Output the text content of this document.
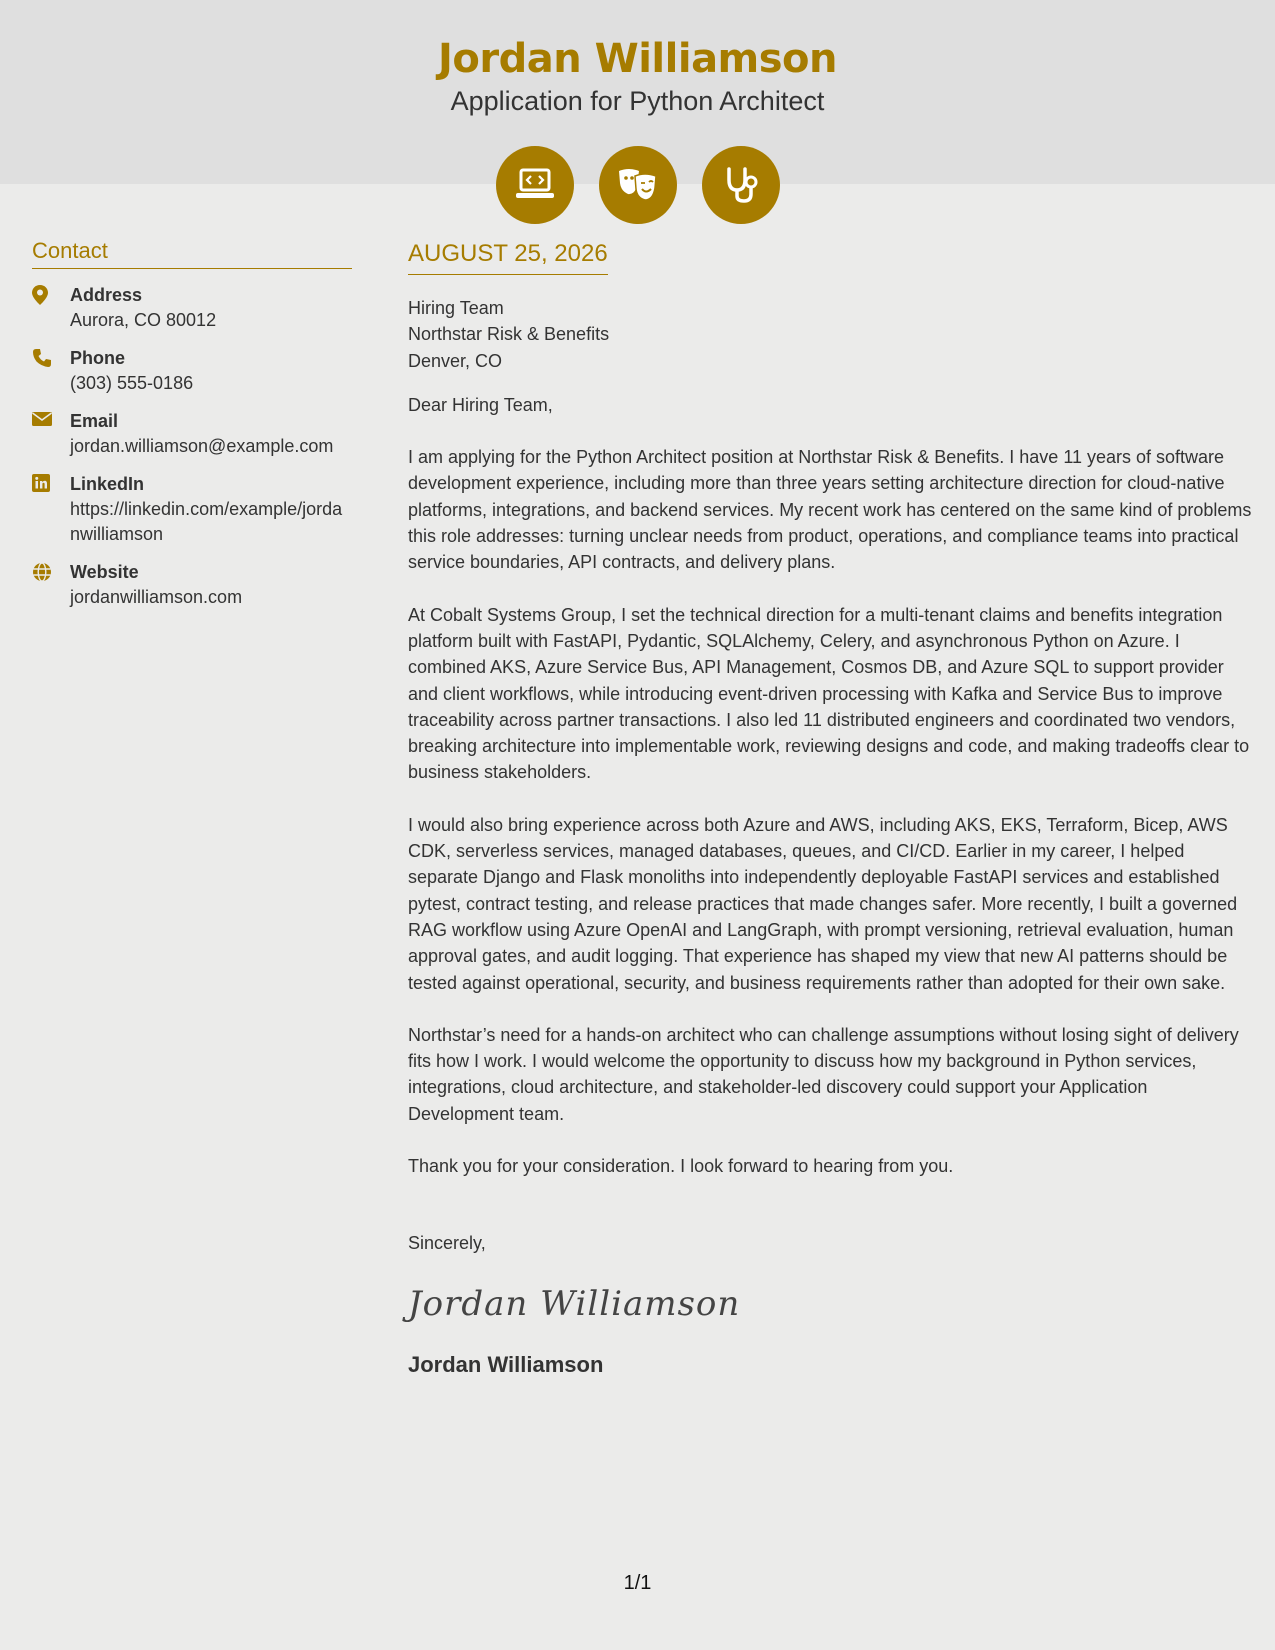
Jordan Williamson
Application for Python Architect
Contact
Address
Aurora, CO 80012
Phone
(303) 555-0186
Email
jordan.williamson@example.com
LinkedIn
https://linkedin.com/example/jordanwilliamson
Website
jordanwilliamson.com
AUGUST 25, 2026
Hiring Team
Northstar Risk & Benefits
Denver, CO
Dear Hiring Team,

I am applying for the Python Architect position at Northstar Risk & Benefits. I have 11 years of software development experience, including more than three years setting architecture direction for cloud-native platforms, integrations, and backend services. My recent work has centered on the same kind of problems this role addresses: turning unclear needs from product, operations, and compliance teams into practical service boundaries, API contracts, and delivery plans.

At Cobalt Systems Group, I set the technical direction for a multi-tenant claims and benefits integration platform built with FastAPI, Pydantic, SQLAlchemy, Celery, and asynchronous Python on Azure. I combined AKS, Azure Service Bus, API Management, Cosmos DB, and Azure SQL to support provider and client workflows, while introducing event-driven processing with Kafka and Service Bus to improve traceability across partner transactions. I also led 11 distributed engineers and coordinated two vendors, breaking architecture into implementable work, reviewing designs and code, and making tradeoffs clear to business stakeholders.

I would also bring experience across both Azure and AWS, including AKS, EKS, Terraform, Bicep, AWS CDK, serverless services, managed databases, queues, and CI/CD. Earlier in my career, I helped separate Django and Flask monoliths into independently deployable FastAPI services and established pytest, contract testing, and release practices that made changes safer. More recently, I built a governed RAG workflow using Azure OpenAI and LangGraph, with prompt versioning, retrieval evaluation, human approval gates, and audit logging. That experience has shaped my view that new AI patterns should be tested against operational, security, and business requirements rather than adopted for their own sake.

Northstar’s need for a hands-on architect who can challenge assumptions without losing sight of delivery fits how I work. I would welcome the opportunity to discuss how my background in Python services, integrations, cloud architecture, and stakeholder-led discovery could support your Application Development team.

Thank you for your consideration. I look forward to hearing from you.

Sincerely,
Jordan Williamson
Jordan Williamson
1/1
